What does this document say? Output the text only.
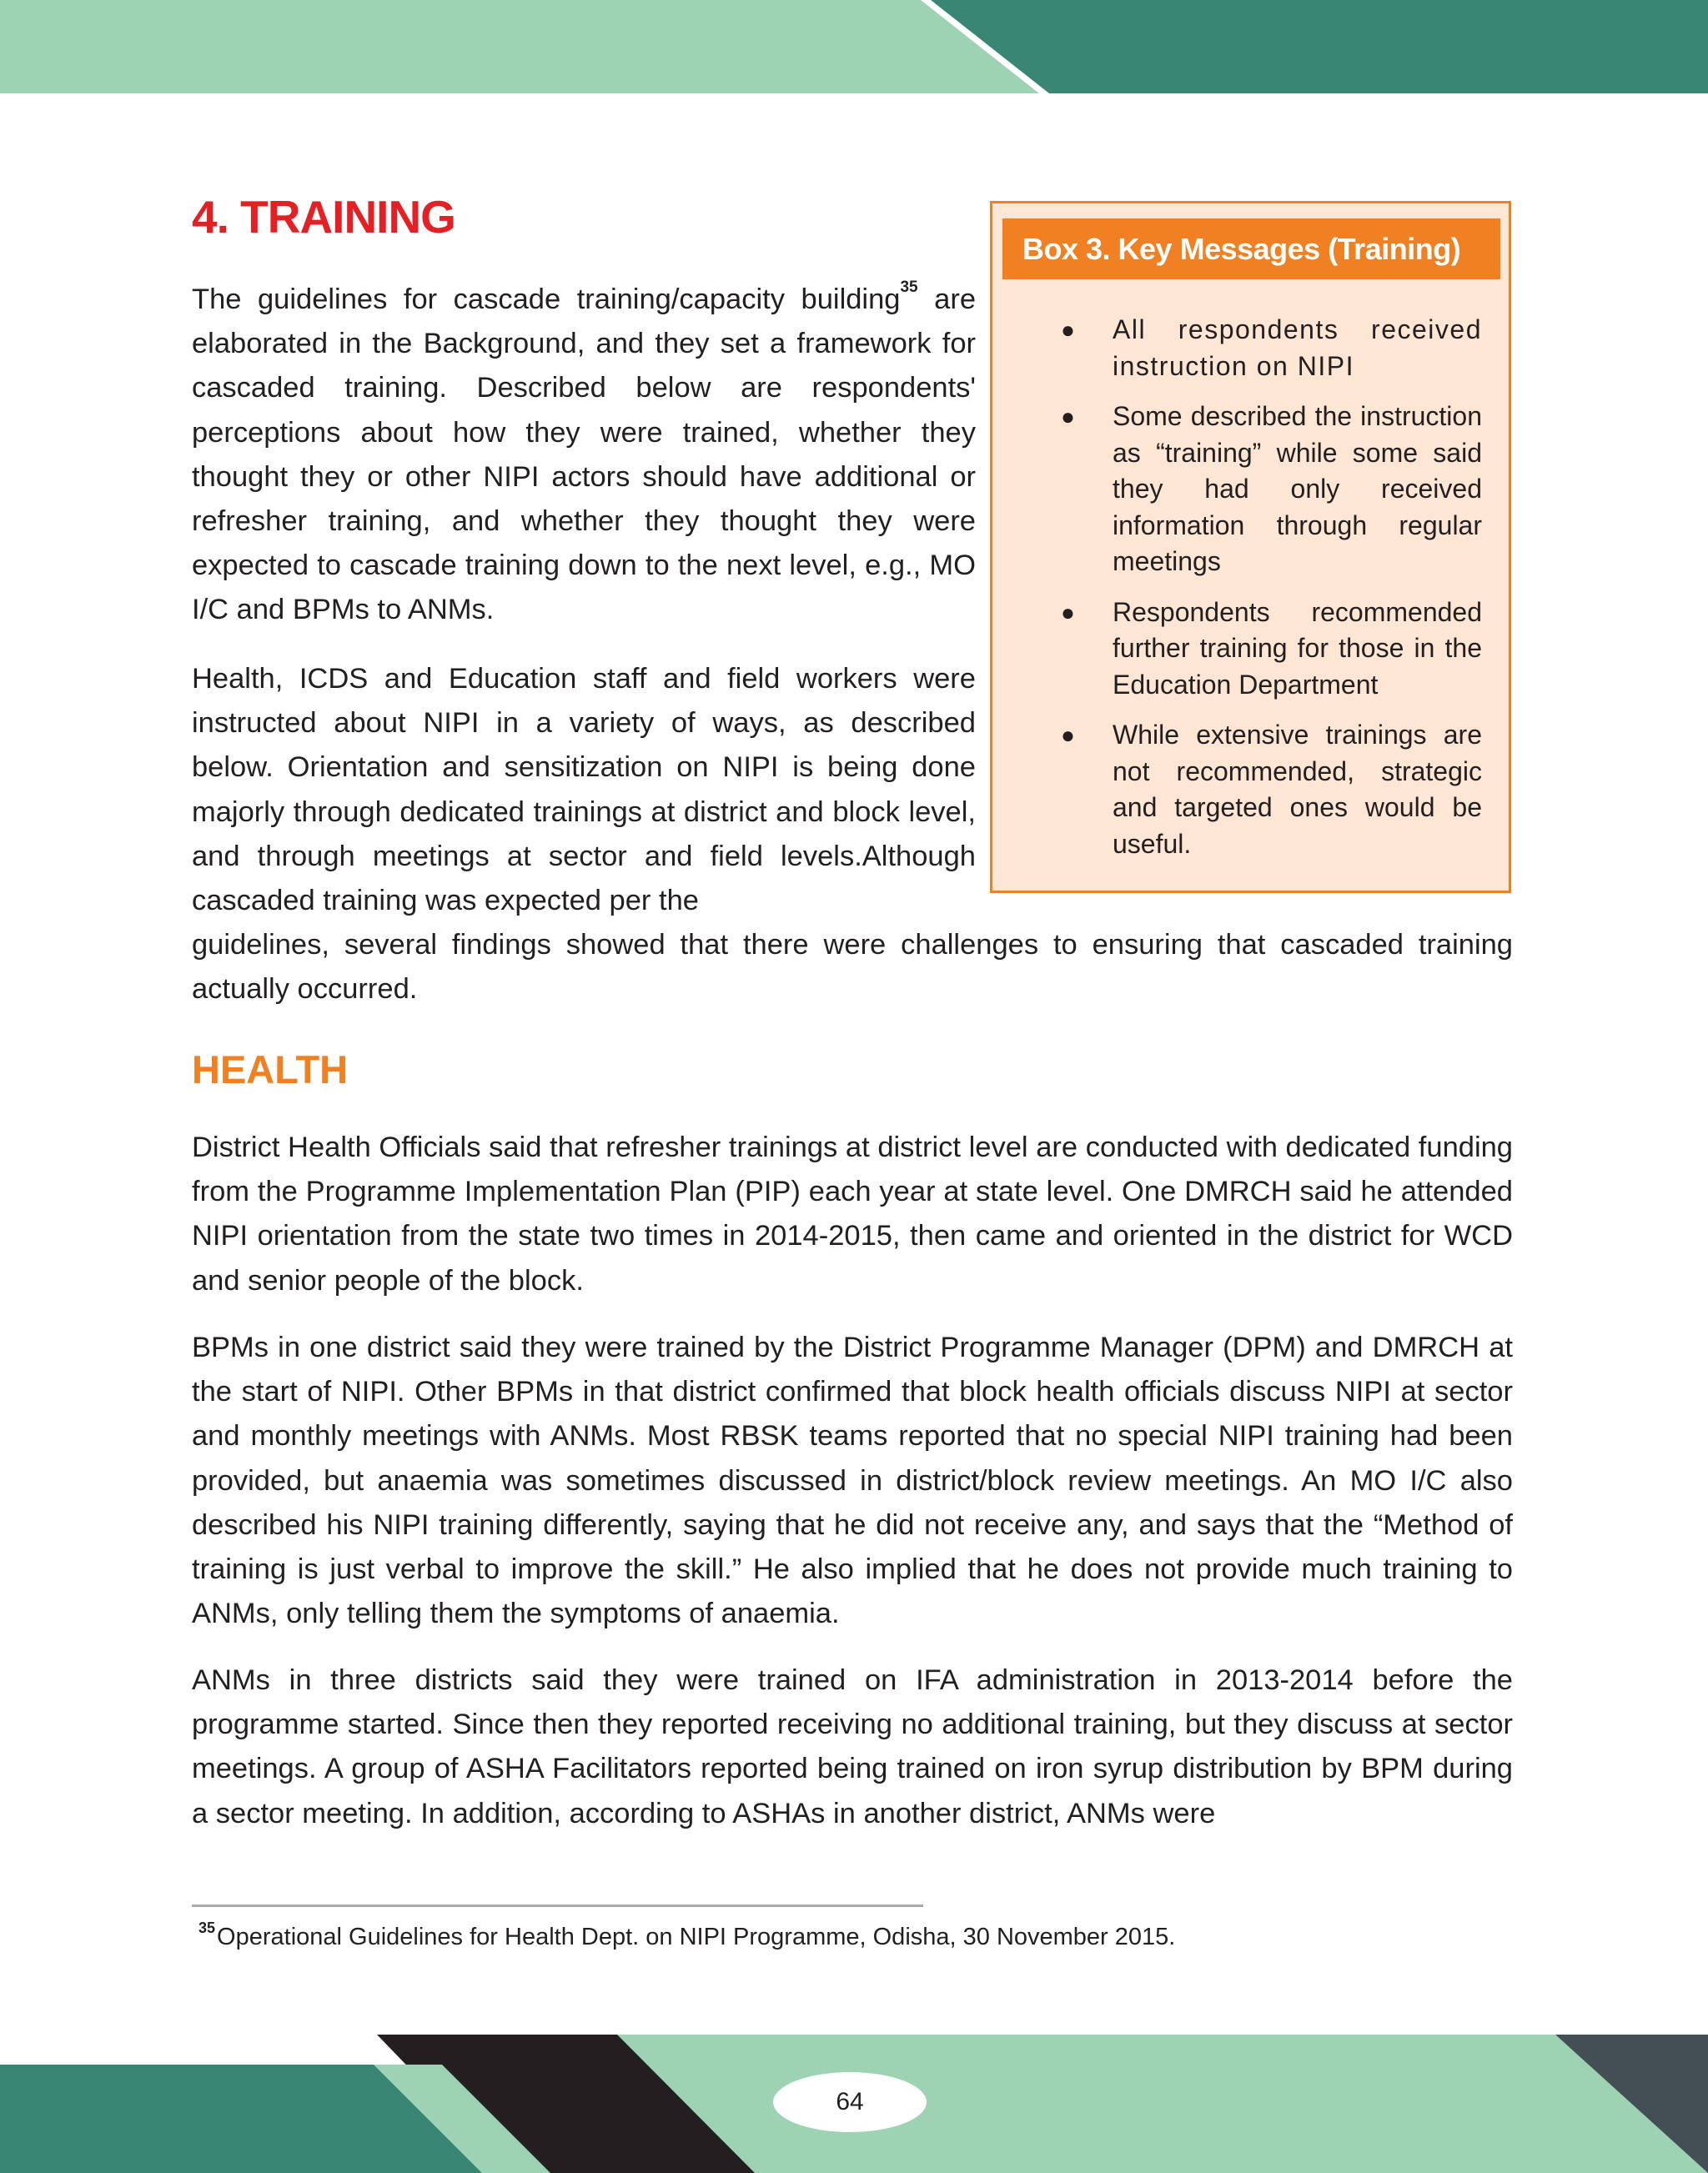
4. TRAINING

The guidelines for cascade training/capacity building$^{35}$ are elaborated in the Background, and they set a framework for cascaded training. Described below are respondents' perceptions about how they were trained, whether they thought they or other NIPI actors should have additional or refresher training, and whether they thought they were expected to cascade training down to the next level, e.g., MO I/C and BPMs to ANMs.

Health, ICDS and Education staff and field workers were instructed about NIPI in a variety of ways, as described below. Orientation and sensitization on NIPI is being done majorly through dedicated trainings at district and block level, and through meetings at sector and field levels.Although cascaded training was expected per the

guidelines, several findings showed that there were challenges to ensuring that cascaded training actually occurred.

Box 3. Key Messages (Training)
● All respondents received instruction on NIPI
● Some described the instruction as “training” while some said they had only received information through regular meetings
● Respondents recommended further training for those in the Education Department
● While extensive trainings are not recommended, strategic and targeted ones would be useful.
HEALTH

District Health Officials said that refresher trainings at district level are conducted with dedicated funding from the Programme Implementation Plan (PIP) each year at state level. One DMRCH said he attended NIPI orientation from the state two times in 2014-2015, then came and oriented in the district for WCD and senior people of the block.

BPMs in one district said they were trained by the District Programme Manager (DPM) and DMRCH at the start of NIPI. Other BPMs in that district confirmed that block health officials discuss NIPI at sector and monthly meetings with ANMs. Most RBSK teams reported that no special NIPI training had been provided, but anaemia was sometimes discussed in district/block review meetings. An MO I/C also described his NIPI training differently, saying that he did not receive any, and says that the “Method of training is just verbal to improve the skill.” He also implied that he does not provide much training to ANMs, only telling them the symptoms of anaemia.

ANMs in three districts said they were trained on IFA administration in 2013-2014 before the programme started. Since then they reported receiving no additional training, but they discuss at sector meetings. A group of ASHA Facilitators reported being trained on iron syrup distribution by BPM during a sector meeting. In addition, according to ASHAs in another district, ANMs were

$^{35}$Operational Guidelines for Health Dept. on NIPI Programme, Odisha, 30 November 2015.

64
